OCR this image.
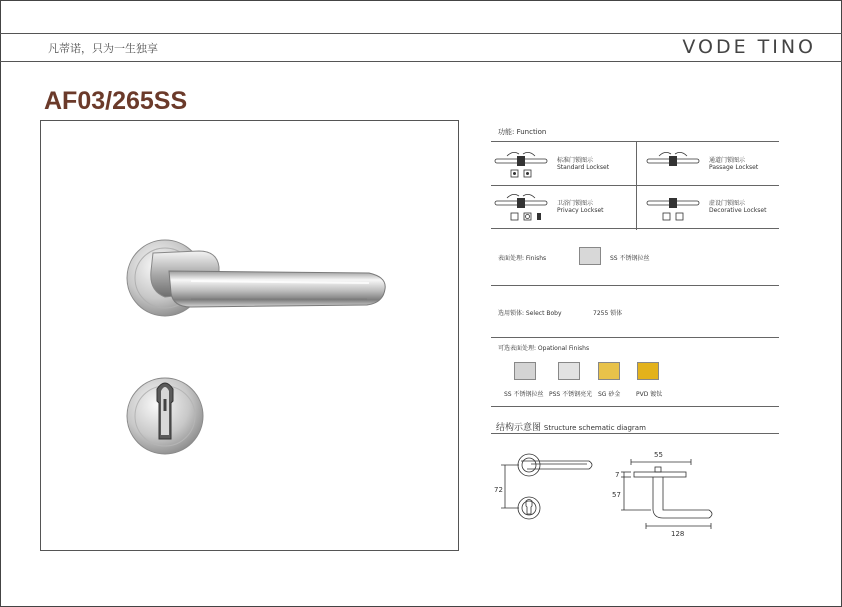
凡蒂诺，只为一生独享	VODE TINO
AF03/265SS
功能: Function
标准门锁图示
Standard Lockset
通道门锁图示
Passage Lockset
卫浴门锁图示
Privacy Lockset
虚设门锁图示
Decorative Lockset
表面处理: Finishs	SS 不锈钢拉丝
选用锁体: Select Boby	7255 锁体
可选表面处理: Opational Finishs
SS 不锈钢拉丝 PSS 不锈钢亮光 SG 砂金	PVD 镀钛
结构示意图 Structure schematic diagram
72
55
7
57
128
